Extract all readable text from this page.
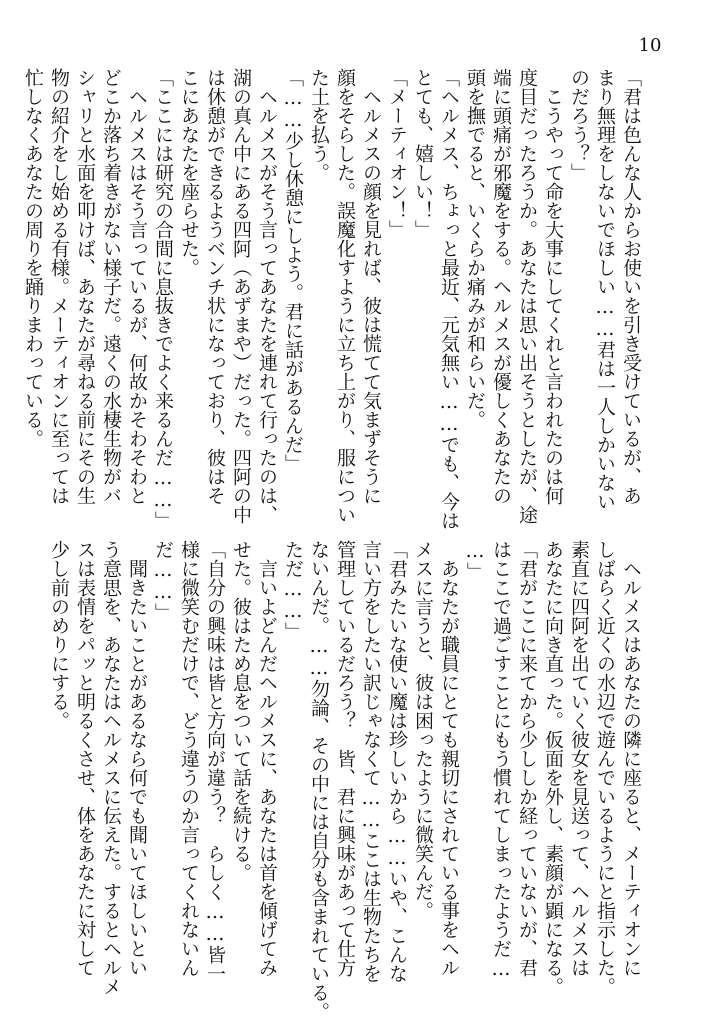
10
「君は色んな人からお使いを引き受けているが、あ
まり無理をしないでほしい……君は一人しかいない
のだろう？」
　こうやって命を大事にしてくれと言われたのは何
度目だったろうか。あなたは思い出そうとしたが、途
端に頭痛が邪魔をする。ヘルメスが優しくあなたの
頭を撫でると、いくらか痛みが和らいだ。
「ヘルメス、ちょっと最近、元気無い……でも、今は
とても、嬉しい！」
「メーティオン！」
　ヘルメスの顔を見れば、彼は慌てて気まずそうに
顔をそらした。誤魔化すように立ち上がり、服につい
た土を払う。
「……少し休憩にしよう。君に話があるんだ」
　ヘルメスがそう言ってあなたを連れて行ったのは、
湖の真ん中にある四阿（あずまや）だった。四阿の中
は休憩ができるようベンチ状になっており、彼はそ
こにあなたを座らせた。
「ここには研究の合間に息抜きでよく来るんだ……」
　ヘルメスはそう言っているが、何故かそわそわと
どこか落ち着きがない様子だ。遠くの水棲生物がバ
シャリと水面を叩けば、あなたが尋ねる前にその生
物の紹介をし始める有様。メーティオンに至っては
忙しなくあなたの周りを踊りまわっている。
　ヘルメスはあなたの隣に座ると、メーティオンに
しばらく近くの水辺で遊んでいるようにと指示した。
素直に四阿を出ていく彼女を見送って、ヘルメスは
あなたに向き直った。仮面を外し、素顔が顕になる。
「君がここに来てから少ししか経っていないが、君
はここで過ごすことにもう慣れてしまったようだ…
…」
　あなたが職員にとても親切にされている事をヘル
メスに言うと、彼は困ったように微笑んだ。
「君みたいな使い魔は珍しいから……いや、こんな
言い方をしたい訳じゃなくて……ここは生物たちを
管理しているだろう？　皆、君に興味があって仕方
ないんだ。……勿論、その中には自分も含まれている。
ただ……」
　言いよどんだヘルメスに、あなたは首を傾げてみ
せた。彼はため息をついて話を続ける。
「自分の興味は皆と方向が違う？　らしく……皆一
様に微笑むだけで、どう違うのか言ってくれないん
だ……」
　聞きたいことがあるなら何でも聞いてほしいとい
う意思を、あなたはヘルメスに伝えた。するとヘルメ
スは表情をパッと明るくさせ、体をあなたに対して
少し前のめりにする。
